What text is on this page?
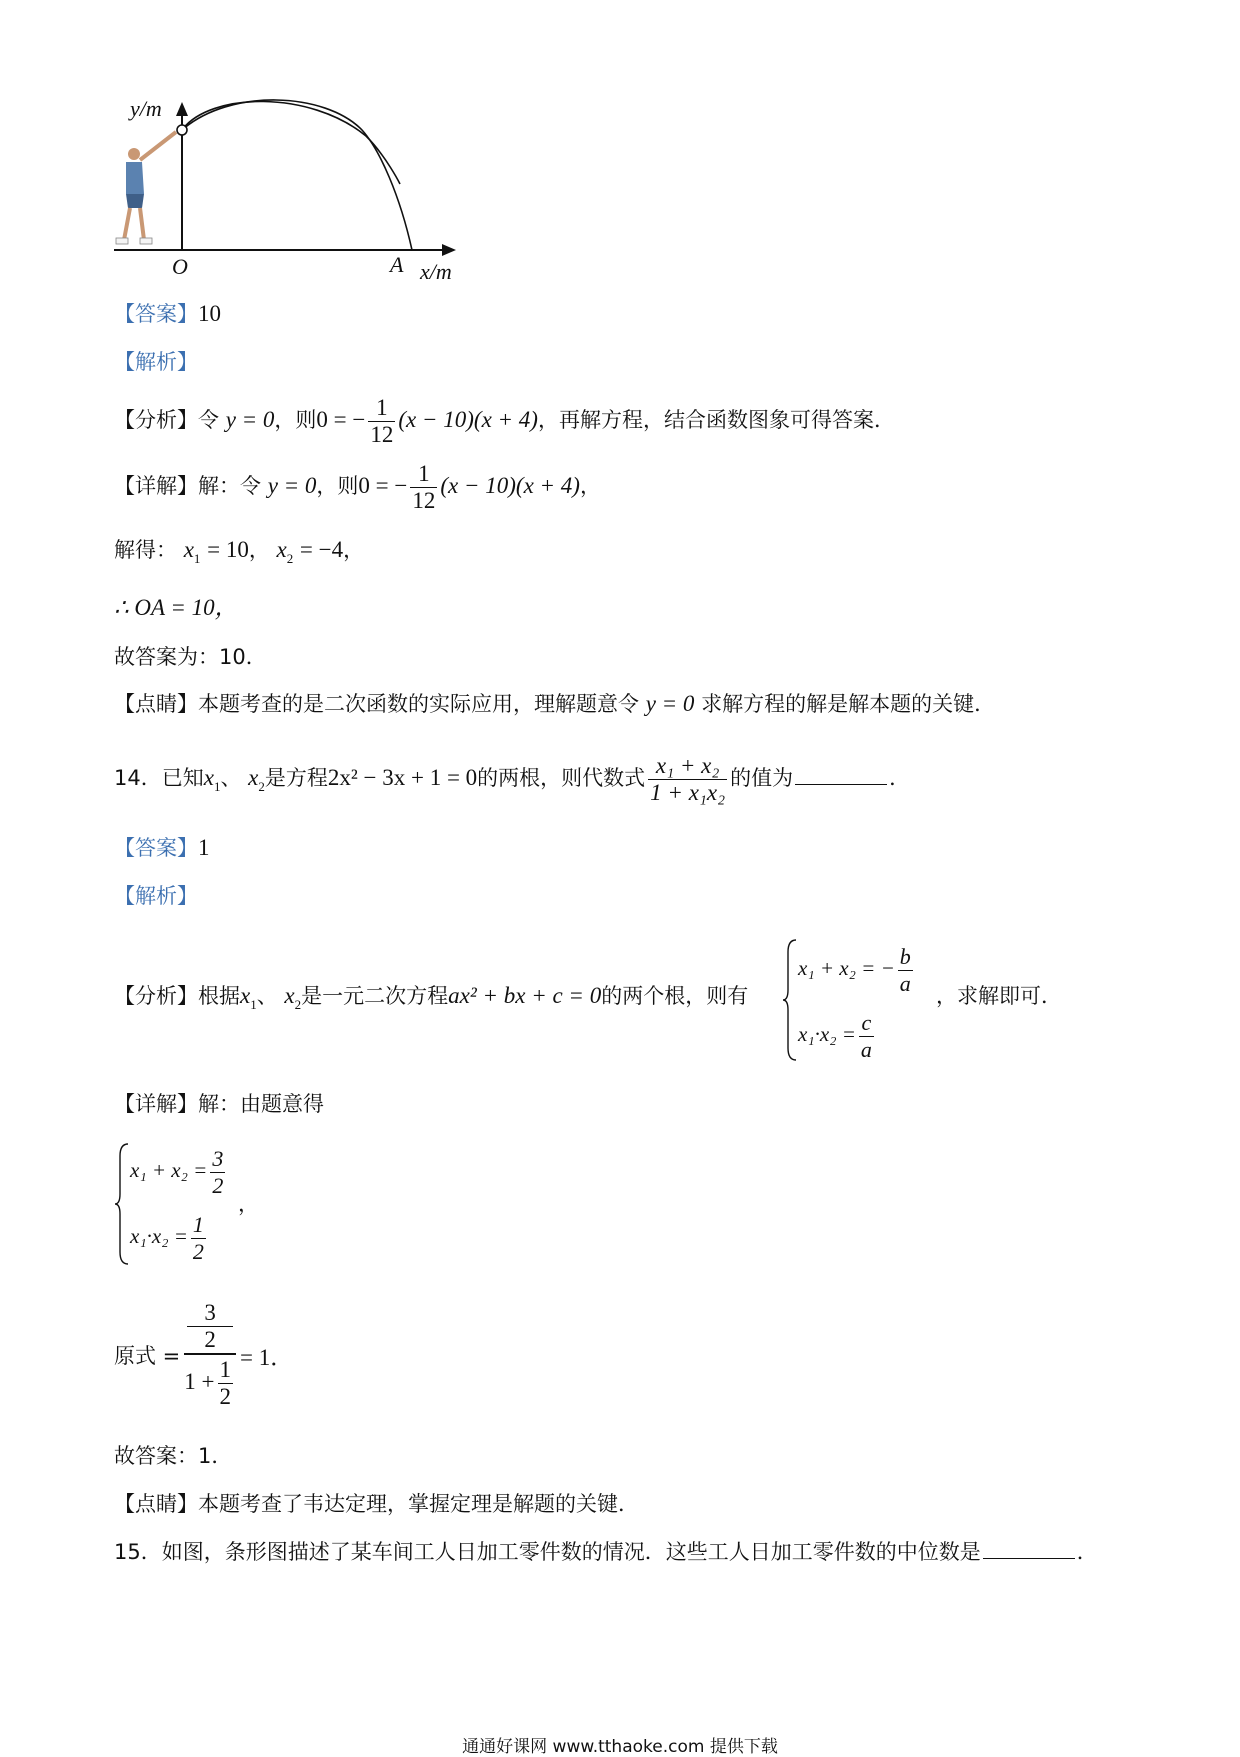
y/m
x/m
O	A
【答案】10
【解析】
【分析】令 y = 0，则0 = − $\frac{1}{12} (x - 10)(x + 4)$，再解方程，结合函数图象可得答案．
【详解】解：令 y = 0，则0 = − $\frac{1}{12} (x - 10)(x + 4)$，
解得： $x_1 = 10$， $x_2 = -4$，
∴ OA = 10，
故答案为：10．
【点睛】本题考查的是二次函数的实际应用，理解题意令 y = 0 求解方程的解是解本题的关键．
14．已知$x_1$、 $x_2$是方程2x² − 3x + 1 = 0的两根，则代数式 $\frac{\text{x₁ + x₂}}{\text{1 + x₁x₂}}$ 的值为	．
【答案】1
【解析】
【分析】根据$x_1$、 $x_2$是一元二次方程ax² + bx + c = 0的两个根，则有
x₁ + x₂ = − $\frac{b}{a}$
$x_1\cdot x_2 = \frac{c}{a}$
，求解即可．
【详解】解：由题意得
$x_1 + x_2 = \frac{3}{2}$
$x_1\cdot x_2 = \frac{1}{2}$
，
原式 = 3
2
$1 + \frac{1}{2} = 1$．
故答案：1．
【点睛】本题考查了韦达定理，掌握定理是解题的关键．
15．如图，条形图描述了某车间工人日加工零件数的情况．这些工人日加工零件数的中位数是	．
通通好课网 www.tthaoke.com 提供下载
